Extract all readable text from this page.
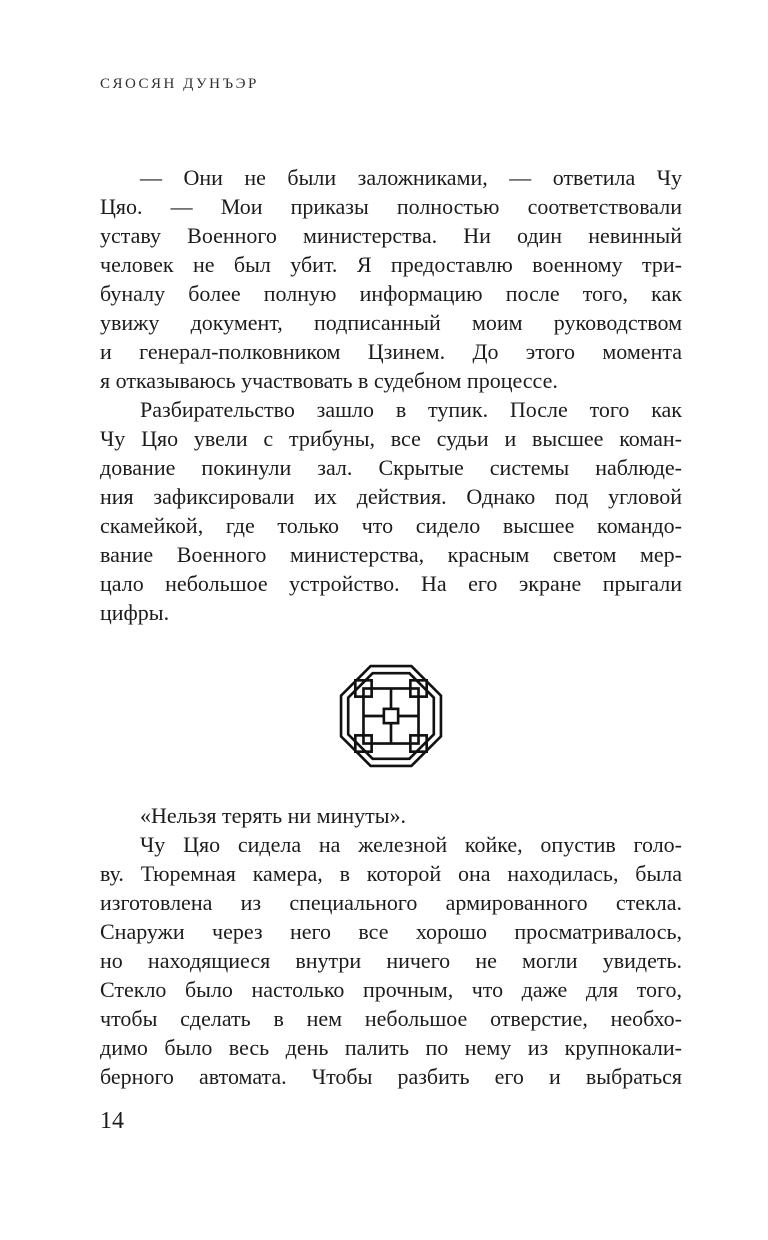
СЯОСЯН ДУНЪЭР
— Они не были заложниками, — ответила Чу
Цяо. — Мои приказы полностью соответствовали
уставу Военного министерства. Ни один невинный
человек не был убит. Я предоставлю военному три-
буналу более полную информацию после того, как
увижу документ, подписанный моим руководством
и генерал-полковником Цзинем. До этого момента
я отказываюсь участвовать в судебном процессе.
Разбирательство зашло в тупик. После того как
Чу Цяо увели с трибуны, все судьи и высшее коман-
дование покинули зал. Скрытые системы наблюде-
ния зафиксировали их действия. Однако под угловой
скамейкой, где только что сидело высшее командо-
вание Военного министерства, красным светом мер-
цало небольшое устройство. На его экране прыгали
цифры.
«Нельзя терять ни минуты».
Чу Цяо сидела на железной койке, опустив голо-
ву. Тюремная камера, в которой она находилась, была
изготовлена из специального армированного стекла.
Снаружи через него все хорошо просматривалось,
но находящиеся внутри ничего не могли увидеть.
Стекло было настолько прочным, что даже для того,
чтобы сделать в нем небольшое отверстие, необхо-
димо было весь день палить по нему из крупнокали-
берного автомата. Чтобы разбить его и выбраться
14
